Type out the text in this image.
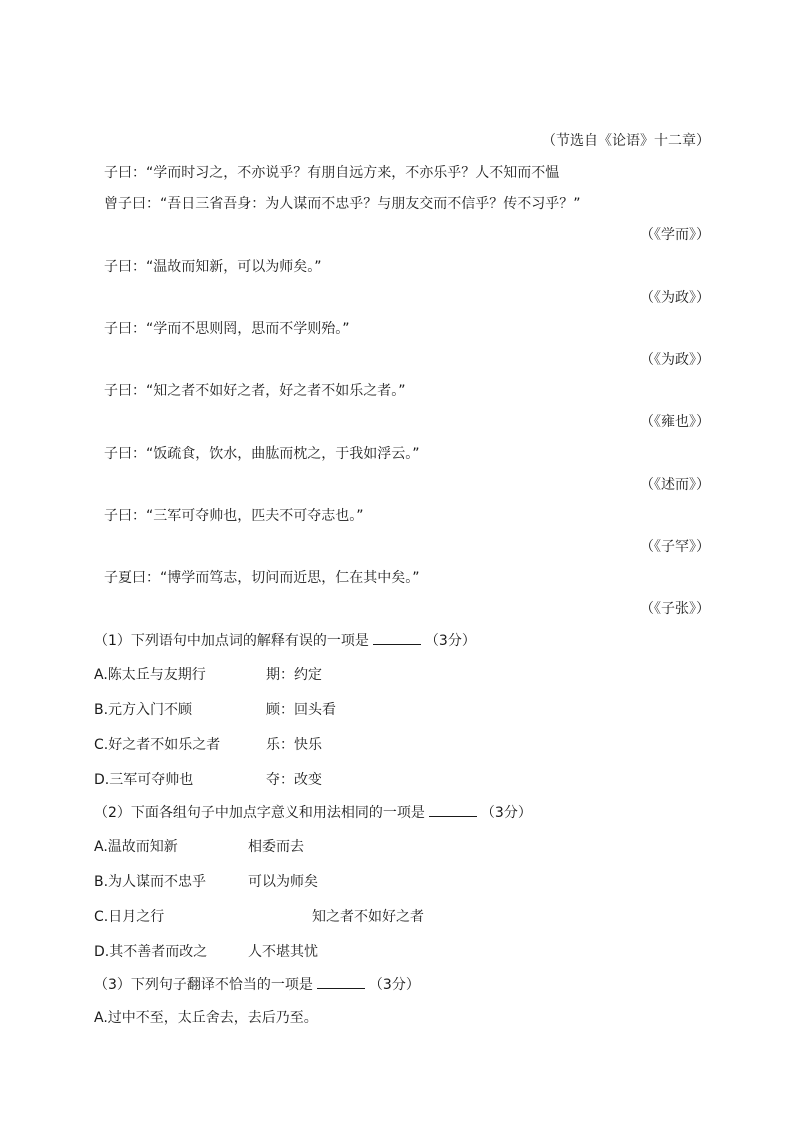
（节选自《论语》十二章）
子曰：“学而时习之，不亦说乎？有朋自远方来，不亦乐乎？人不知而不愠
曾子曰：“吾日三省吾身：为人谋而不忠乎？与朋友交而不信乎？传不习乎？”
（《学而》）
子曰：“温故而知新，可以为师矣。”
（《为政》）
子曰：“学而不思则罔，思而不学则殆。”
（《为政》）
子曰：“知之者不如好之者，好之者不如乐之者。”
（《雍也》）
子曰：“饭疏食，饮水，曲肱而枕之，于我如浮云。”
（《述而》）
子曰：“三军可夺帅也，匹夫不可夺志也。”
（《子罕》）
子夏曰：“博学而笃志，切问而近思，仁在其中矣。”
（《子张》）
（1）下列语句中加点词的解释有误的一项是	（3分）
A.陈太丘与友期行	期：约定
B.元方入门不顾	顾：回头看
C.好之者不如乐之者	乐：快乐
D.三军可夺帅也	夺：改变
（2）下面各组句子中加点字意义和用法相同的一项是	（3分）
A.温故而知新	相委而去
B.为人谋而不忠乎	可以为师矣
C.日月之行	知之者不如好之者
D.其不善者而改之	人不堪其忧
（3）下列句子翻译不恰当的一项是	（3分）
A.过中不至，太丘舍去，去后乃至。
